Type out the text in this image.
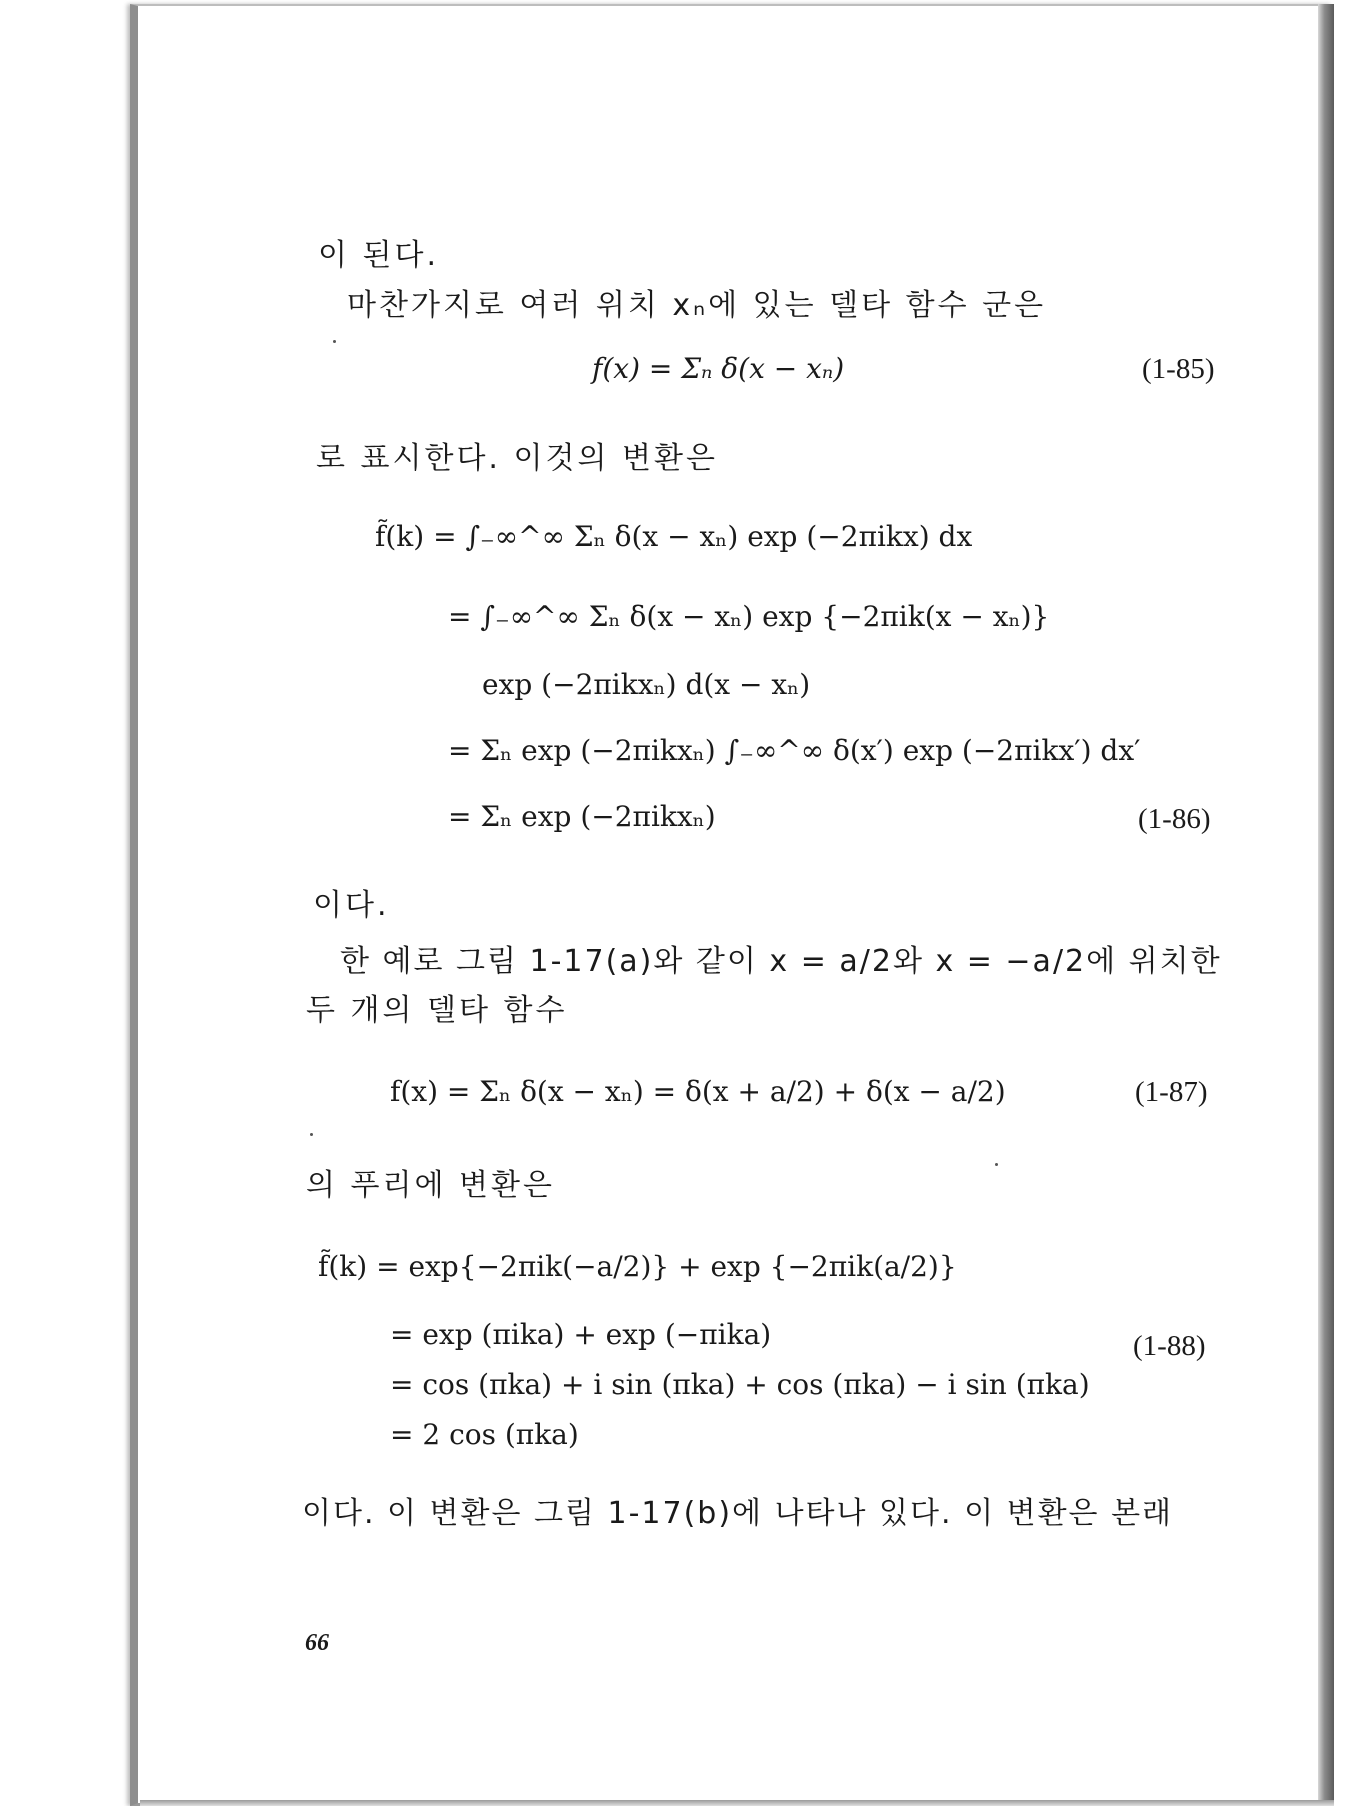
이 된다.
마찬가지로 여러 위치 xₙ에 있는 델타 함수 군은
f(x) = Σₙ δ(x − xₙ)	(1-85)
로 표시한다. 이것의 변환은
f̃(k) = ∫₋∞^∞ Σₙ δ(x − xₙ) exp (−2πikx) dx
= ∫₋∞^∞ Σₙ δ(x − xₙ) exp {−2πik(x − xₙ)}
exp (−2πikxₙ) d(x − xₙ)
= Σₙ exp (−2πikxₙ) ∫₋∞^∞ δ(x′) exp (−2πikx′) dx′
= Σₙ exp (−2πikxₙ)	(1-86)
이다.
한 예로 그림 1-17(a)와 같이 x = a/2와 x = −a/2에 위치한
두 개의 델타 함수
f(x) = Σₙ δ(x − xₙ) = δ(x + a/2) + δ(x − a/2)	(1-87)
의 푸리에 변환은
f̃(k) = exp{−2πik(−a/2)} + exp {−2πik(a/2)}
= exp (πika) + exp (−πika)	(1-88)
= cos (πka) + i sin (πka) + cos (πka) − i sin (πka)
= 2 cos (πka)
이다. 이 변환은 그림 1-17(b)에 나타나 있다. 이 변환은 본래
66
